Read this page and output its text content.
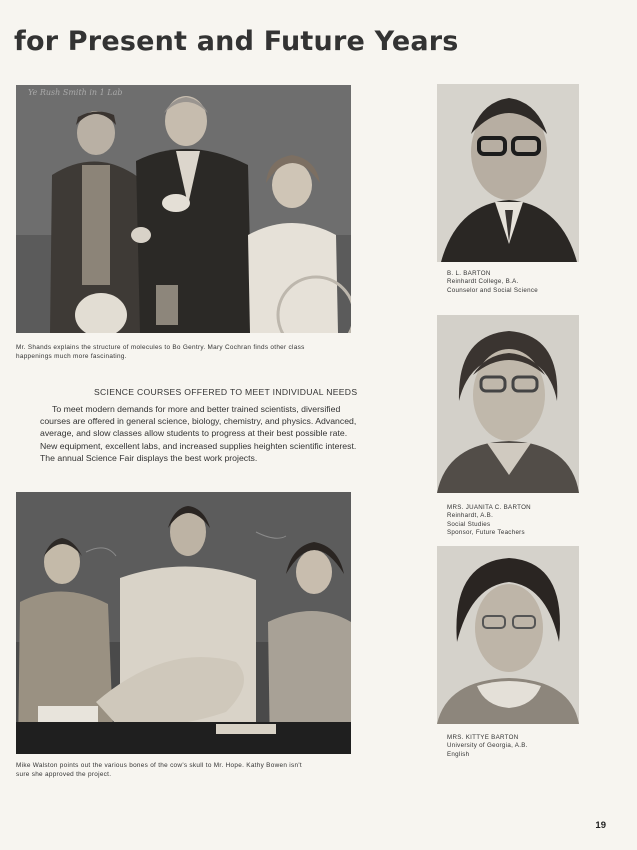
for Present and Future Years
Ye Rush Smith in 1 Lab
Mr. Shands explains the structure of molecules to Bo Gentry. Mary Cochran finds other class
happenings much more fascinating.
SCIENCE COURSES OFFERED TO MEET INDIVIDUAL NEEDS
To meet modern demands for more and better trained scientists, diversified
courses are offered in general science, biology, chemistry, and physics. Advanced,
average, and slow classes allow students to progress at their best possible rate.
New equipment, excellent labs, and increased supplies heighten scientific interest.
The annual Science Fair displays the best work projects.
Mike Walston points out the various bones of the cow's skull to Mr. Hope. Kathy Bowen isn't
sure she approved the project.
B. L. BARTON
Reinhardt College, B.A.
Counselor and Social Science
MRS. JUANITA C. BARTON
Reinhardt, A.B.
Social Studies
Sponsor, Future Teachers
MRS. KITTYE BARTON
University of Georgia, A.B.
English
19
